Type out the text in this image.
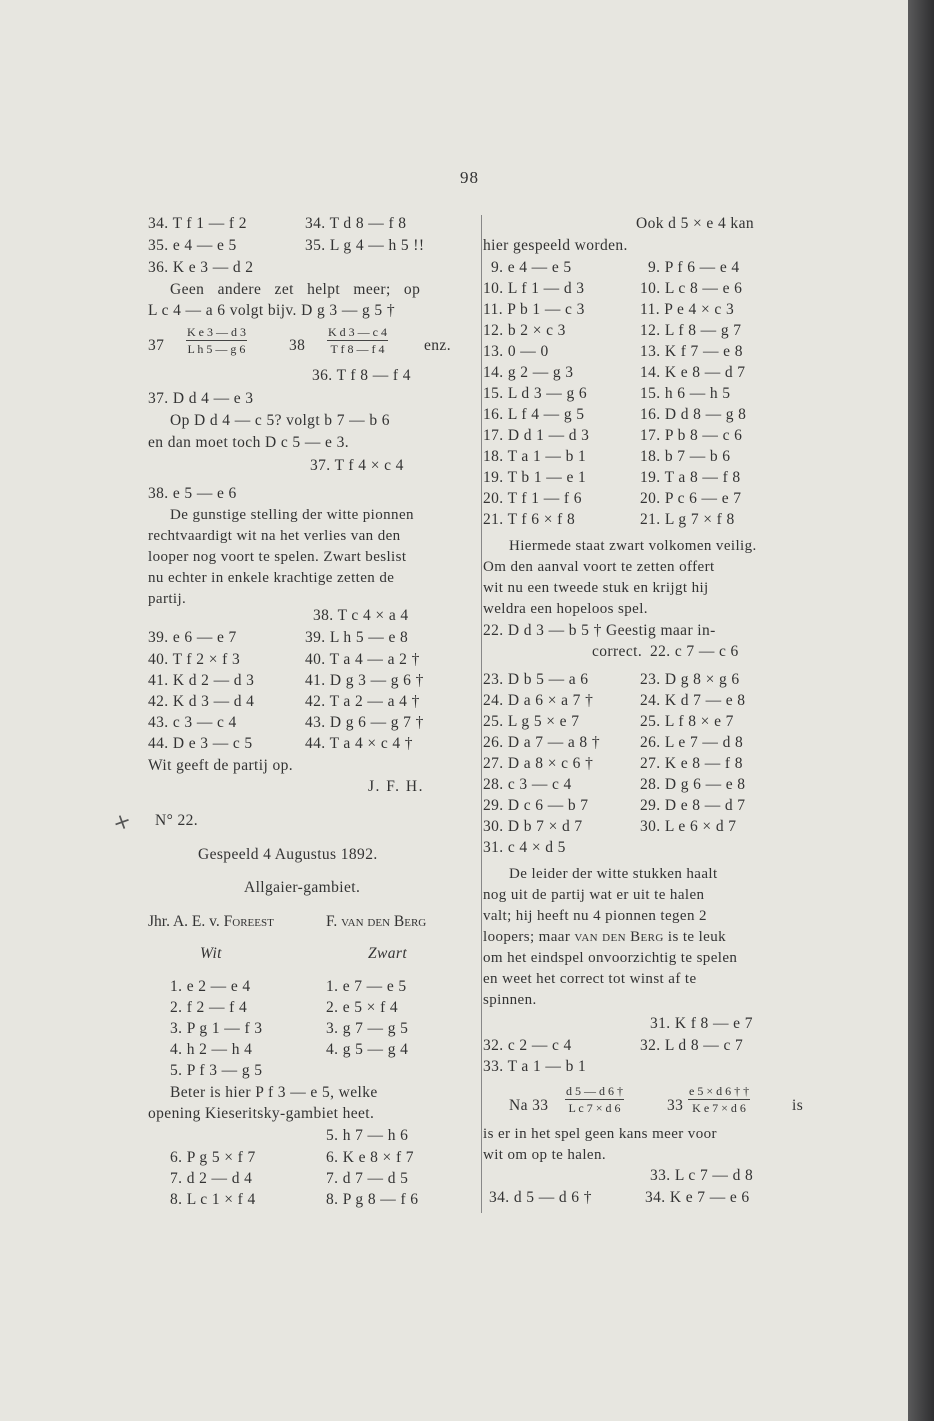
98
+
34. T f 1 — f 2	34. T d 8 — f 8
35. e 4 — e 5	35. L g 4 — h 5 !!
36. K e 3 — d 2
Geen andere zet helpt meer; op
L c 4 — a 6 volgt bijv. D g 3 — g 5 †
$37 \frac{\text{K e 3 — d 3}}{\text{L h 5 — g 6}}$	$38 \frac{\text{K d 3 — c 4}}{\text{T f 8 — f 4}}$ enz.
36. T f 8 — f 4
37. D d 4 — e 3
Op D d 4 — c 5? volgt b 7 — b 6
en dan moet toch D c 5 — e 3.
37. T f 4 × c 4
38. e 5 — e 6
De gunstige stelling der witte pionnen
rechtvaardigt wit na het verlies van den
looper nog voort te spelen. Zwart beslist
nu echter in enkele krachtige zetten de
partij.
38. T c 4 × a 4
39. e 6 — e 7	39. L h 5 — e 8
40. T f 2 × f 3	40. T a 4 — a 2 †
41. K d 2 — d 3	41. D g 3 — g 6 †
42. K d 3 — d 4	42. T a 2 — a 4 †
43. c 3 — c 4	43. D g 6 — g 7 †
44. D e 3 — c 5	44. T a 4 × c 4 †
Wit geeft de partij op.
J. F. H.
N° 22.
Gespeeld 4 Augustus 1892.
Allgaier-gambiet.
Jhr. A. E. v. Foreest	F. van den Berg
Wit	Zwart
1. e 2 — e 4	1. e 7 — e 5
2. f 2 — f 4	2. e 5 × f 4
3. P g 1 — f 3	3. g 7 — g 5
4. h 2 — h 4	4. g 5 — g 4
5. P f 3 — g 5
Beter is hier P f 3 — e 5, welke
opening Kieseritsky-gambiet heet.
5. h 7 — h 6
6. P g 5 × f 7	6. K e 8 × f 7
7. d 2 — d 4	7. d 7 — d 5
8. L c 1 × f 4	8. P g 8 — f 6
Ook d 5 × e 4 kan
hier gespeeld worden.
9. e 4 — e 5	9. P f 6 — e 4
10. L f 1 — d 3	10. L c 8 — e 6
11. P b 1 — c 3	11. P e 4 × c 3
12. b 2 × c 3	12. L f 8 — g 7
13. 0 — 0	13. K f 7 — e 8
14. g 2 — g 3	14. K e 8 — d 7
15. L d 3 — g 6	15. h 6 — h 5
16. L f 4 — g 5	16. D d 8 — g 8
17. D d 1 — d 3	17. P b 8 — c 6
18. T a 1 — b 1	18. b 7 — b 6
19. T b 1 — e 1	19. T a 8 — f 8
20. T f 1 — f 6	20. P c 6 — e 7
21. T f 6 × f 8	21. L g 7 × f 8
Hiermede staat zwart volkomen veilig.
Om den aanval voort te zetten offert
wit nu een tweede stuk en krijgt hij
weldra een hopeloos spel.
22. D d 3 — b 5 † Geestig maar in-
correct. 22. c 7 — c 6
23. D b 5 — a 6	23. D g 8 × g 6
24. D a 6 × a 7 †	24. K d 7 — e 8
25. L g 5 × e 7	25. L f 8 × e 7
26. D a 7 — a 8 †	26. L e 7 — d 8
27. D a 8 × c 6 †	27. K e 8 — f 8
28. c 3 — c 4	28. D g 6 — e 8
29. D c 6 — b 7	29. D e 8 — d 7
30. D b 7 × d 7	30. L e 6 × d 7
31. c 4 × d 5
De leider der witte stukken haalt
nog uit de partij wat er uit te halen
valt; hij heeft nu 4 pionnen tegen 2
loopers; maar van den Berg is te leuk
om het eindspel onvoorzichtig te spelen
en weet het correct tot winst af te
spinnen.
31. K f 8 — e 7
32. c 2 — c 4	32. L d 8 — c 7
33. T a 1 — b 1
Na $33 \frac{d 5 — d 6 \dagger}{\text{L c 7 × d 6}}$	$33 \frac{e 5 \times d 6 \dagger \dagger}{\text{K e 7 × d 6}}$	is
is er in het spel geen kans meer voor
wit om op te halen.
33. L c 7 — d 8
34. d 5 — d 6 †	34. K e 7 — e 6
